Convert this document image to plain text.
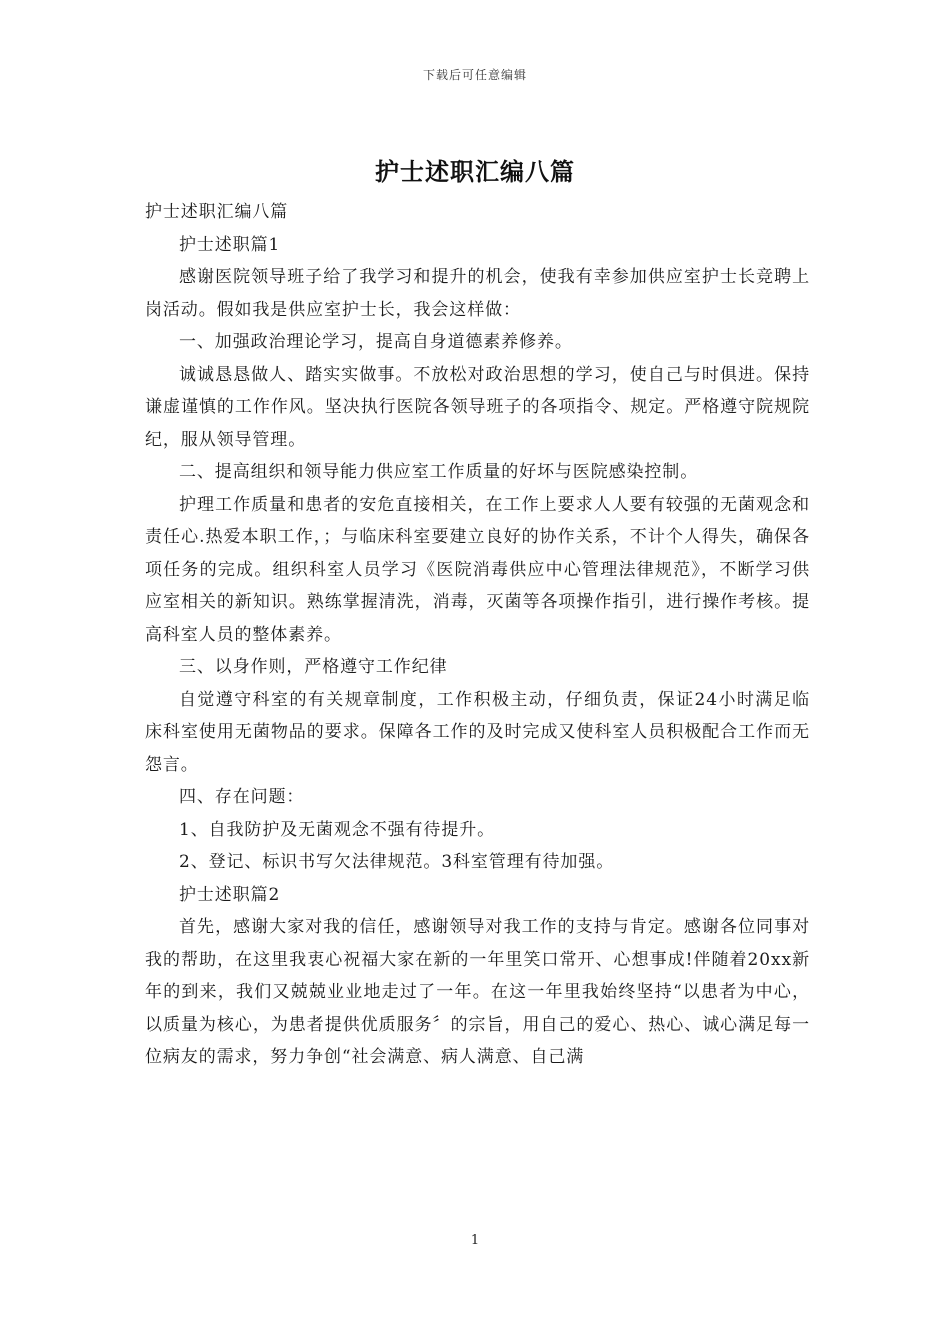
下载后可任意编辑
护士述职汇编八篇

护士述职汇编八篇

护士述职篇1

感谢医院领导班子给了我学习和提升的机会，使我有幸参加供应室护士长竞聘上岗活动。假如我是供应室护士长，我会这样做：

一、加强政治理论学习，提高自身道德素养修养。

诚诚恳恳做人、踏实实做事。不放松对政治思想的学习，使自己与时俱进。保持谦虚谨慎的工作作风。坚决执行医院各领导班子的各项指令、规定。严格遵守院规院纪，服从领导管理。

二、提高组织和领导能力供应室工作质量的好坏与医院感染控制。

护理工作质量和患者的安危直接相关，在工作上要求人人要有较强的无菌观念和责任心.热爱本职工作，；与临床科室要建立良好的协作关系，不计个人得失，确保各项任务的完成。组织科室人员学习《医院消毒供应中心管理法律规范》，不断学习供应室相关的新知识。熟练掌握清洗，消毒，灭菌等各项操作指引，进行操作考核。提高科室人员的整体素养。

三、以身作则，严格遵守工作纪律

自觉遵守科室的有关规章制度，工作积极主动，仔细负责，保证24小时满足临床科室使用无菌物品的要求。保障各工作的及时完成又使科室人员积极配合工作而无怨言。

四、存在问题：

1、自我防护及无菌观念不强有待提升。

2、登记、标识书写欠法律规范。3科室管理有待加强。

护士述职篇2

首先，感谢大家对我的信任，感谢领导对我工作的支持与肯定。感谢各位同事对我的帮助，在这里我衷心祝福大家在新的一年里笑口常开、心想事成!伴随着20xx新年的到来，我们又兢兢业业地走过了一年。在这一年里我始终坚持“以患者为中心，以质量为核心，为患者提供优质服务〞的宗旨，用自己的爱心、热心、诚心满足每一位病友的需求，努力争创“社会满意、病人满意、自己满

1
